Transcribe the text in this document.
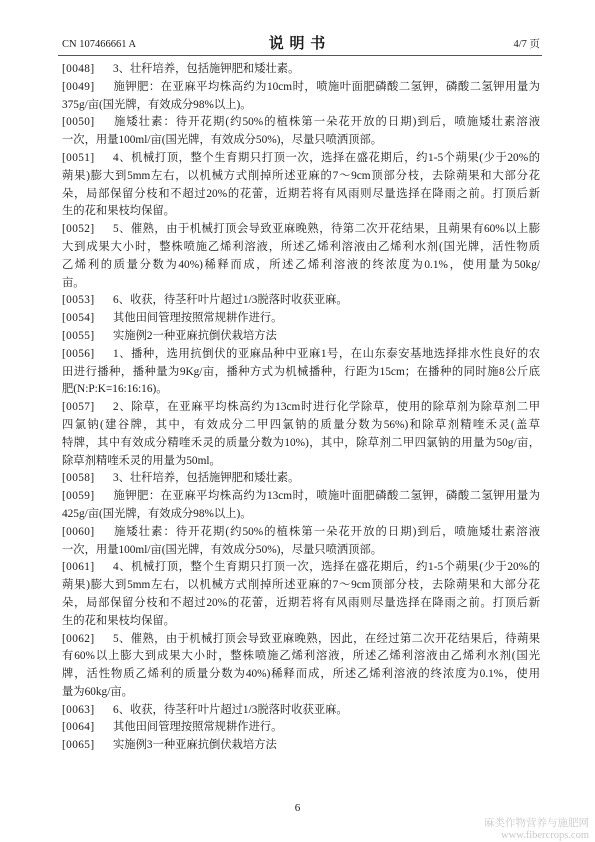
CN 107466661 A	说 明 书	4/7 页
[0048] 3、壮秆培养，包括施钾肥和矮壮素。
[0049] 施钾肥：在亚麻平均株高约为10cm时，喷施叶面肥磷酸二氢钾，磷酸二氢钾用量为
375g/亩(国光牌，有效成分98%以上)。
[0050] 施矮壮素：待开花期(约50%的植株第一朵花开放的日期)到后，喷施矮壮素溶液
一次，用量100ml/亩(国光牌，有效成分50%)，尽量只喷洒顶部。
[0051] 4、机械打顶，整个生育期只打顶一次，选择在盛花期后，约1-5个蒴果(少于20%的
蒴果)膨大到5mm左右，以机械方式削掉所述亚麻的7～9cm顶部分枝，去除蒴果和大部分花
朵，局部保留分枝和不超过20%的花蕾，近期若将有风雨则尽量选择在降雨之前。打顶后新
生的花和果枝均保留。
[0052] 5、催熟，由于机械打顶会导致亚麻晚熟，待第二次开花结果，且蒴果有60%以上膨
大到成果大小时，整株喷施乙烯利溶液，所述乙烯利溶液由乙烯利水剂(国光牌，活性物质
乙烯利的质量分数为40%)稀释而成，所述乙烯利溶液的终浓度为0.1%，使用量为50kg/
亩。
[0053] 6、收获，待茎秆叶片超过1/3脱落时收获亚麻。
[0054] 其他田间管理按照常规耕作进行。
[0055] 实施例2一种亚麻抗倒伏栽培方法
[0056] 1、播种，选用抗倒伏的亚麻品种中亚麻1号，在山东泰安基地选择排水性良好的农
田进行播种，播种量为9Kg/亩，播种方式为机械播种，行距为15cm；在播种的同时施8公斤底
肥(N:P:K=16:16:16)。
[0057] 2、除草，在亚麻平均株高约为13cm时进行化学除草，使用的除草剂为除草剂二甲
四氯钠(建谷牌，其中，有效成分二甲四氯钠的质量分数为56%)和除草剂精喹禾灵(盖草
特牌，其中有效成分精喹禾灵的质量分数为10%)，其中，除草剂二甲四氯钠的用量为50g/亩，
除草剂精喹禾灵的用量为50ml。
[0058] 3、壮秆培养，包括施钾肥和矮壮素。
[0059] 施钾肥：在亚麻平均株高约为13cm时，喷施叶面肥磷酸二氢钾，磷酸二氢钾用量为
425g/亩(国光牌，有效成分98%以上)。
[0060] 施矮壮素：待开花期(约50%的植株第一朵花开放的日期)到后，喷施矮壮素溶液
一次，用量100ml/亩(国光牌，有效成分50%)，尽量只喷洒顶部。
[0061] 4、机械打顶，整个生育期只打顶一次，选择在盛花期后，约1-5个蒴果(少于20%的
蒴果)膨大到5mm左右，以机械方式削掉所述亚麻的7～9cm顶部分枝，去除蒴果和大部分花
朵，局部保留分枝和不超过20%的花蕾，近期若将有风雨则尽量选择在降雨之前。打顶后新
生的花和果枝均保留。
[0062] 5、催熟，由于机械打顶会导致亚麻晚熟，因此，在经过第二次开花结果后，待蒴果
有60%以上膨大到成果大小时，整株喷施乙烯利溶液，所述乙烯利溶液由乙烯利水剂(国光
牌，活性物质乙烯利的质量分数为40%)稀释而成，所述乙烯利溶液的终浓度为0.1%，使用
量为60kg/亩。
[0063] 6、收获，待茎秆叶片超过1/3脱落时收获亚麻。
[0064] 其他田间管理按照常规耕作进行。
[0065] 实施例3一种亚麻抗倒伏栽培方法
6
麻类作物营养与施肥网
www.fibercrops.com
